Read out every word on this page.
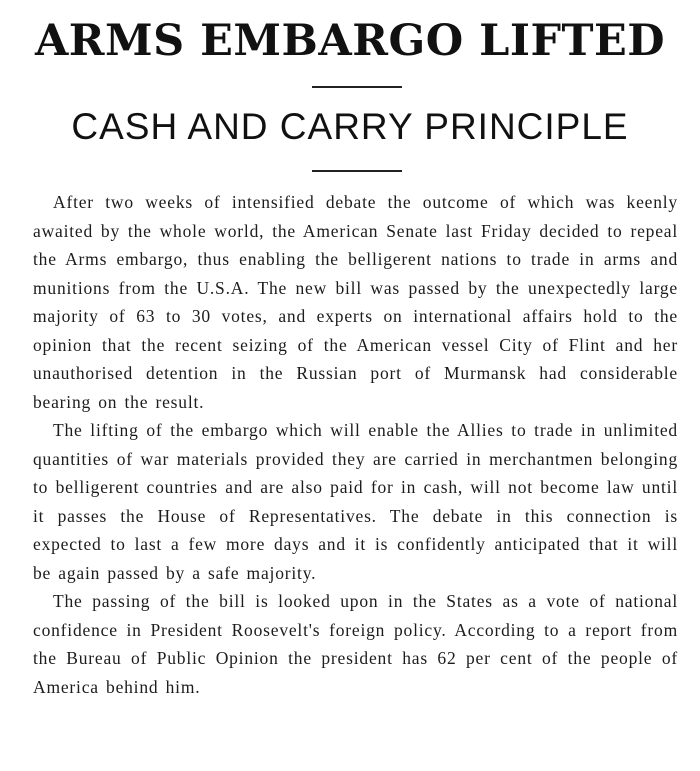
ARMS EMBARGO LIFTED
CASH AND CARRY PRINCIPLE

After two weeks of intensified debate the outcome of which was keenly awaited by the whole world, the American Senate last Friday decided to repeal the Arms embargo, thus enabling the belligerent nations to trade in arms and munitions from the U.S.A. The new bill was passed by the unexpectedly large majority of 63 to 30 votes, and experts on international affairs hold to the opinion that the recent seizing of the American vessel City of Flint and her unauthorised detention in the Russian port of Murmansk had considerable bearing on the result.

The lifting of the embargo which will enable the Allies to trade in unlimited quantities of war materials provided they are carried in merchantmen belonging to belligerent countries and are also paid for in cash, will not become law until it passes the House of Representatives. The debate in this connection is expected to last a few more days and it is confidently anticipated that it will be again passed by a safe majority.

The passing of the bill is looked upon in the States as a vote of national confidence in President Roosevelt's foreign policy. According to a report from the Bureau of Public Opinion the president has 62 per cent of the people of America behind him.
